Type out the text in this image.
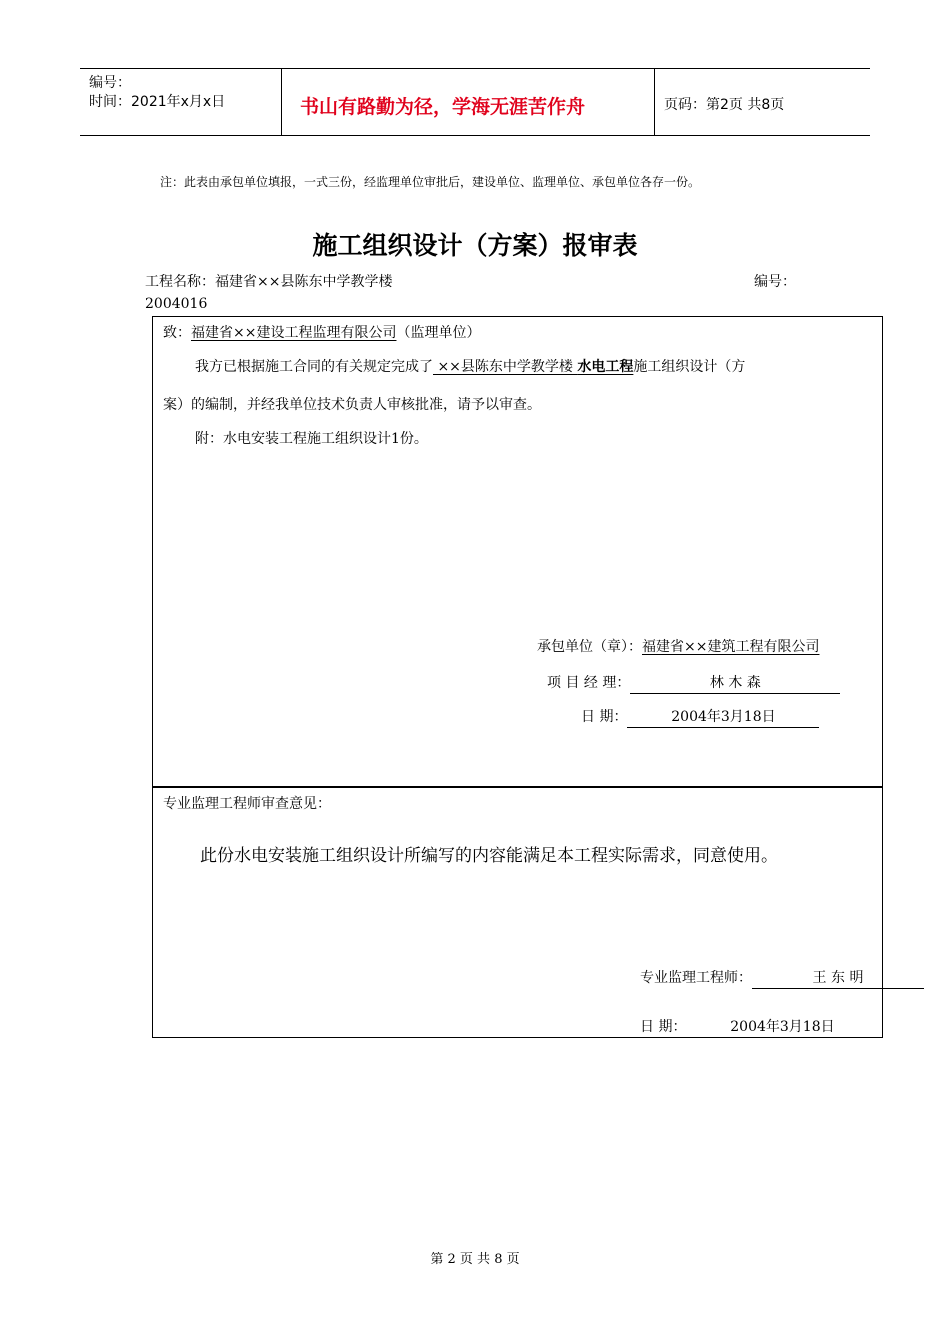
编号：
时间：2021年x月x日	书山有路勤为径，学海无涯苦作舟	页码：第2页 共8页
注：此表由承包单位填报，一式三份，经监理单位审批后，建设单位、监理单位、承包单位各存一份。
施工组织设计（方案）报审表
工程名称：福建省××县陈东中学教学楼	编号：
2004016
致：福建省××建设工程监理有限公司（监理单位）
我方已根据施工合同的有关规定完成了 ××县陈东中学教学楼 水电工程施工组织设计（方
案）的编制，并经我单位技术负责人审核批准，请予以审查。
附：水电安装工程施工组织设计1份。
承包单位（章）：福建省××建筑工程有限公司
项 目 经 理：	林 木 森
日 期：	2004年3月18日
专业监理工程师审查意见：
此份水电安装施工组织设计所编写的内容能满足本工程实际需求，同意使用。
专业监理工程师：	王 东 明
日 期：	2004年3月18日
第 2 页 共 8 页
